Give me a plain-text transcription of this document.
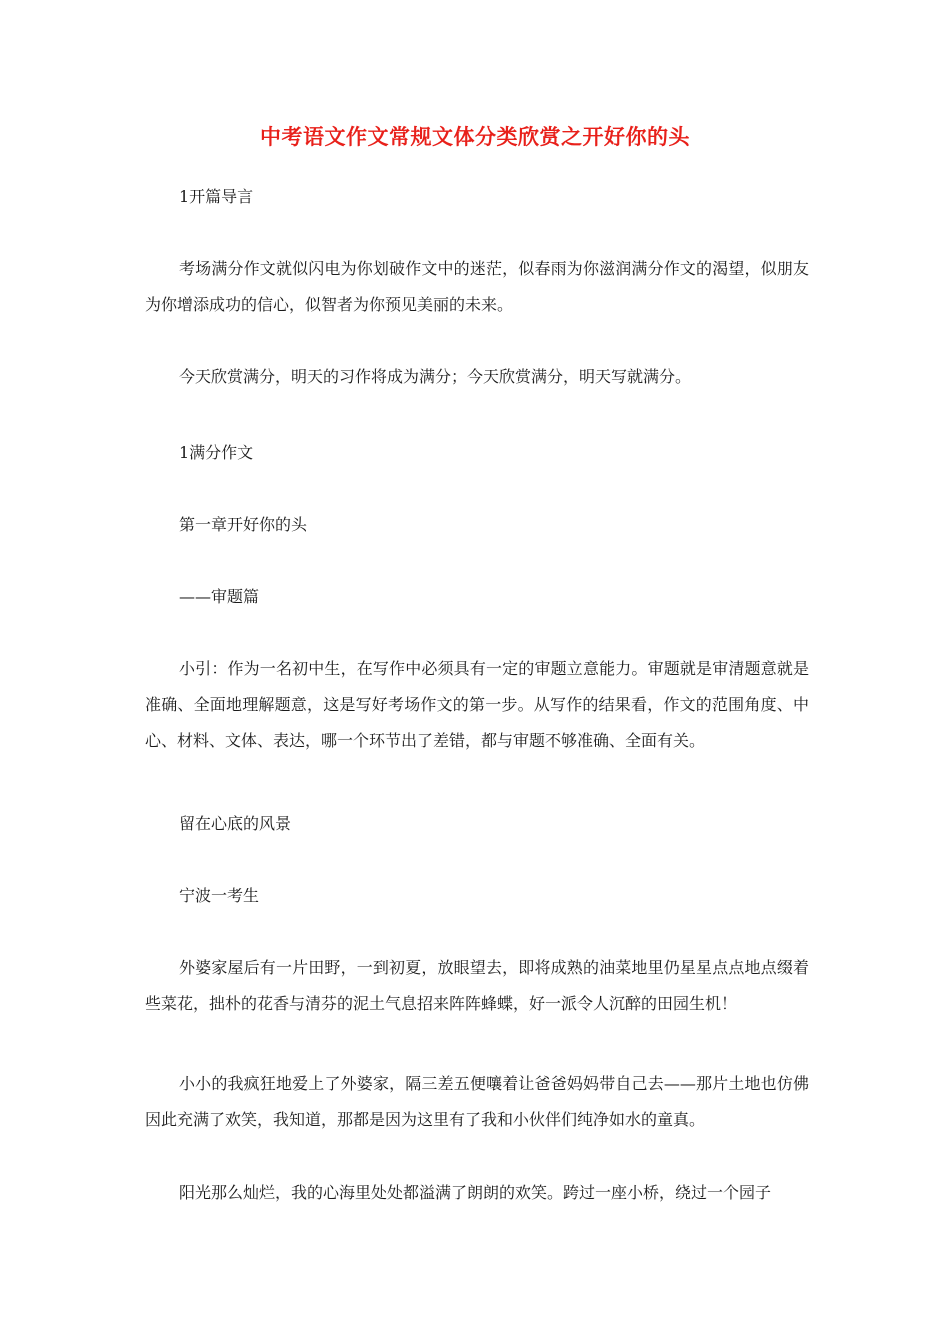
中考语文作文常规文体分类欣赏之开好你的头

1开篇导言

考场满分作文就似闪电为你划破作文中的迷茫，似春雨为你滋润满分作文的渴望，似朋友为你增添成功的信心，似智者为你预见美丽的未来。

今天欣赏满分，明天的习作将成为满分；今天欣赏满分，明天写就满分。

1满分作文

第一章开好你的头

——审题篇

小引：作为一名初中生，在写作中必须具有一定的审题立意能力。审题就是审清题意就是准确、全面地理解题意，这是写好考场作文的第一步。从写作的结果看，作文的范围角度、中心、材料、文体、表达，哪一个环节出了差错，都与审题不够准确、全面有关。

留在心底的风景

宁波一考生

外婆家屋后有一片田野，一到初夏，放眼望去，即将成熟的油菜地里仍星星点点地点缀着些菜花，拙朴的花香与清芬的泥土气息招来阵阵蜂蝶，好一派令人沉醉的田园生机！

小小的我疯狂地爱上了外婆家，隔三差五便嚷着让爸爸妈妈带自己去——那片土地也仿佛因此充满了欢笑，我知道，那都是因为这里有了我和小伙伴们纯净如水的童真。

阳光那么灿烂，我的心海里处处都溢满了朗朗的欢笑。跨过一座小桥，绕过一个园子
